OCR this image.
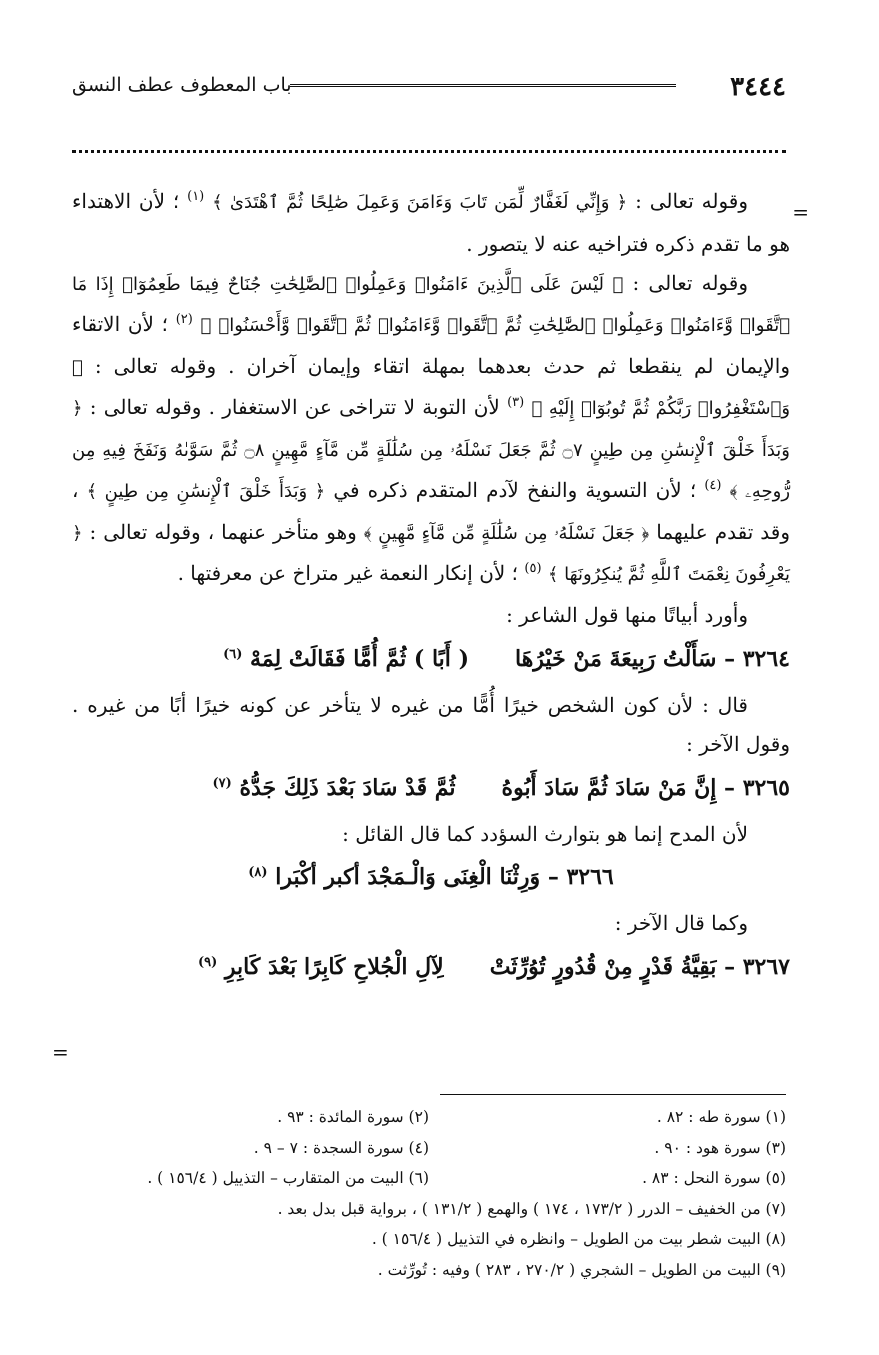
٣٤٤٤
باب المعطوف عطف النسق
=

وقوله تعالى : ﴿ وَإِنِّي لَغَفَّارٌ لِّمَن تَابَ وَءَامَنَ وَعَمِلَ صَٰلِحًا ثُمَّ ٱهْتَدَىٰ ﴾ $^{(١)}$ ؛ لأن الاهتداء هو ما تقدم ذكره فتراخيه عنه لا يتصور .

وقوله تعالى : ﴿ لَيْسَ عَلَى ٱلَّذِينَ ءَامَنُوا۟ وَعَمِلُوا۟ ٱلصَّٰلِحَٰتِ جُنَاحٌ فِيمَا طَعِمُوٓا۟ إِذَا مَا ٱتَّقَوا۟ وَّءَامَنُوا۟ وَعَمِلُوا۟ ٱلصَّٰلِحَٰتِ ثُمَّ ٱتَّقَوا۟ وَّءَامَنُوا۟ ثُمَّ ٱتَّقَوا۟ وَّأَحْسَنُوا۟ ﴾ $^{(٢)}$ ؛ لأن الاتقاء والإيمان لم ينقطعا ثم حدث بعدهما بمهلة اتقاء وإيمان آخران . وقوله تعالى : ﴿ وَٱسْتَغْفِرُوا۟ رَبَّكُمْ ثُمَّ تُوبُوٓا۟ إِلَيْهِ ﴾ $^{(٣)}$ لأن التوبة لا تتراخى عن الاستغفار . وقوله تعالى : ﴿ وَبَدَأَ خَلْقَ ٱلْإِنسَٰنِ مِن طِينٍ ۝٧ ثُمَّ جَعَلَ نَسْلَهُۥ مِن سُلَٰلَةٍ مِّن مَّآءٍ مَّهِينٍ ۝٨ ثُمَّ سَوَّىٰهُ وَنَفَخَ فِيهِ مِن رُّوحِهِۦ ﴾ $^{(٤)}$ ؛ لأن التسوية والنفخ لآدم المتقدم ذكره في ﴿ وَبَدَأَ خَلْقَ ٱلْإِنسَٰنِ مِن طِينٍ ﴾ ، وقد تقدم عليهما ﴿ جَعَلَ نَسْلَهُۥ مِن سُلَٰلَةٍ مِّن مَّآءٍ مَّهِينٍ ﴾ وهو متأخر عنهما ، وقوله تعالى : ﴿ يَعْرِفُونَ نِعْمَتَ ٱللَّهِ ثُمَّ يُنكِرُونَهَا ﴾ $^{(٥)}$ ؛ لأن إنكار النعمة غير متراخ عن معرفتها .

وأورد أبياتًا منها قول الشاعر :

٣٢٦٤ – سَأَلْتُ رَبِيعَةَ مَنْ خَيْرُهَا( أَبًا ) ثُمَّ أُمًّا فَقَالَتْ لِمَهْ $^{(٦)}$

قال : لأن كون الشخص خيرًا أُمًّا من غيره لا يتأخر عن كونه خيرًا أبًا من غيره . وقول الآخر :

٣٢٦٥ – إِنَّ مَنْ سَادَ ثُمَّ سَادَ أَبُوهُثُمَّ قَدْ سَادَ بَعْدَ ذَلِكَ جَدُّهُ $^{(٧)}$

لأن المدح إنما هو بتوارث السؤدد كما قال القائل :

٣٢٦٦ – وَرِثْنَا الْغِنَى وَالْـمَجْدَ أكبر أكْبَرا $^{(٨)}$

وكما قال الآخر :

٣٢٦٧ – بَقِيَّةُ قَدْرٍ مِنْ قُدُورٍ تُوُرِّثَتْلِآلِ الْجُلاحِ كَابِرًا بَعْدَ كَابِرِ $^{(٩)}$

=
(١) سورة طه : ٨٢ .
(٢) سورة المائدة : ٩٣ .
(٣) سورة هود : ٩٠ .
(٤) سورة السجدة : ٧ – ٩ .
(٥) سورة النحل : ٨٣ .
(٦) البيت من المتقارب – التذييل ( ١٥٦/٤ ) .
(٧) من الخفيف – الدرر ( ١٧٣/٢ ، ١٧٤ ) والهمع ( ١٣١/٢ ) ، برواية قبل بدل بعد .
(٨) البيت شطر بيت من الطويل – وانظره في التذييل ( ١٥٦/٤ ) .
(٩) البيت من الطويل – الشجري ( ٢٧٠/٢ ، ٢٨٣ ) وفيه : تُورِّثت .
